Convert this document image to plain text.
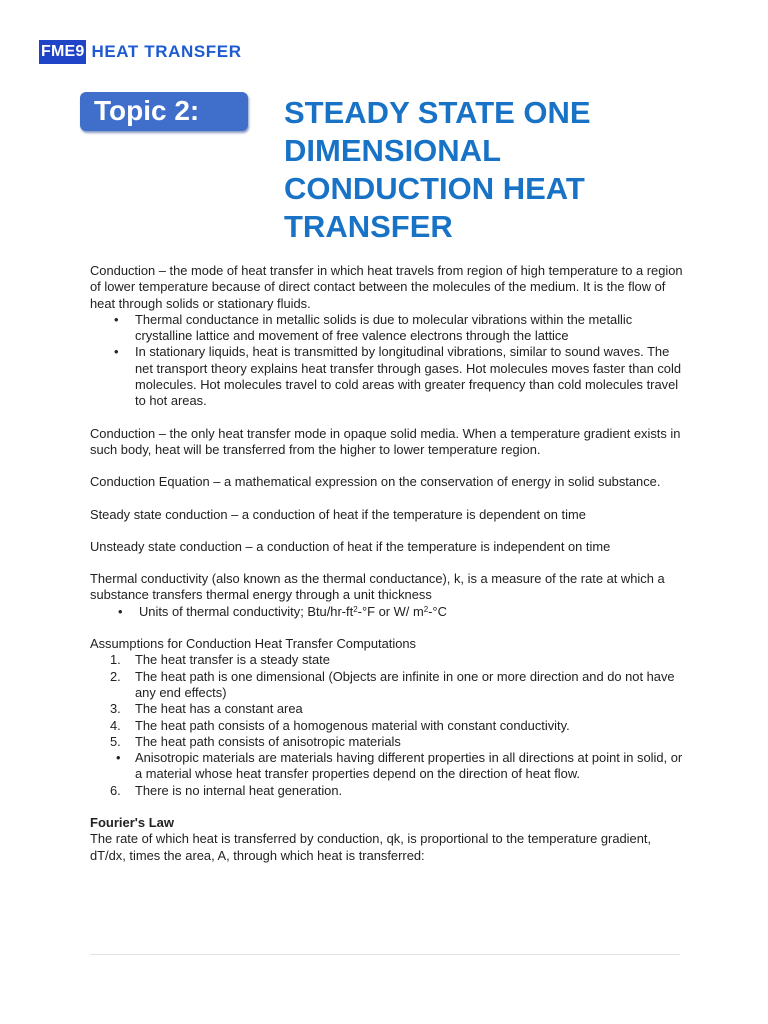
FME9 HEAT TRANSFER
Topic 2:	STEADY STATE ONE DIMENSIONAL CONDUCTION HEAT TRANSFER

Conduction – the mode of heat transfer in which heat travels from region of high temperature to a region of lower temperature because of direct contact between the molecules of the medium. It is the flow of heat through solids or stationary fluids.

• Thermal conductance in metallic solids is due to molecular vibrations within the metallic crystalline lattice and movement of free valence electrons through the lattice
• In stationary liquids, heat is transmitted by longitudinal vibrations, similar to sound waves. The net transport theory explains heat transfer through gases. Hot molecules moves faster than cold molecules. Hot molecules travel to cold areas with greater frequency than cold molecules travel to hot areas.

Conduction – the only heat transfer mode in opaque solid media. When a temperature gradient exists in such body, heat will be transferred from the higher to lower temperature region.

Conduction Equation – a mathematical expression on the conservation of energy in solid substance.

Steady state conduction – a conduction of heat if the temperature is dependent on time

Unsteady state conduction – a conduction of heat if the temperature is independent on time

Thermal conductivity (also known as the thermal conductance), k, is a measure of the rate at which a substance transfers thermal energy through a unit thickness

• Units of thermal conductivity; Btu/$hr-ft^2-^\circ F$ or W/ $m^2-^\circ C$

Assumptions for Conduction Heat Transfer Computations

1. The heat transfer is a steady state
2. The heat path is one dimensional (Objects are infinite in one or more direction and do not have any end effects)
3. The heat has a constant area
4. The heat path consists of a homogenous material with constant conductivity.
5. The heat path consists of anisotropic materials
• Anisotropic materials are materials having different properties in all directions at point in solid, or a material whose heat transfer properties depend on the direction of heat flow.
6. There is no internal heat generation.

Fourier's Law

The rate of which heat is transferred by conduction, qk, is proportional to the temperature gradient, dT/dx, times the area, A, through which heat is transferred:
